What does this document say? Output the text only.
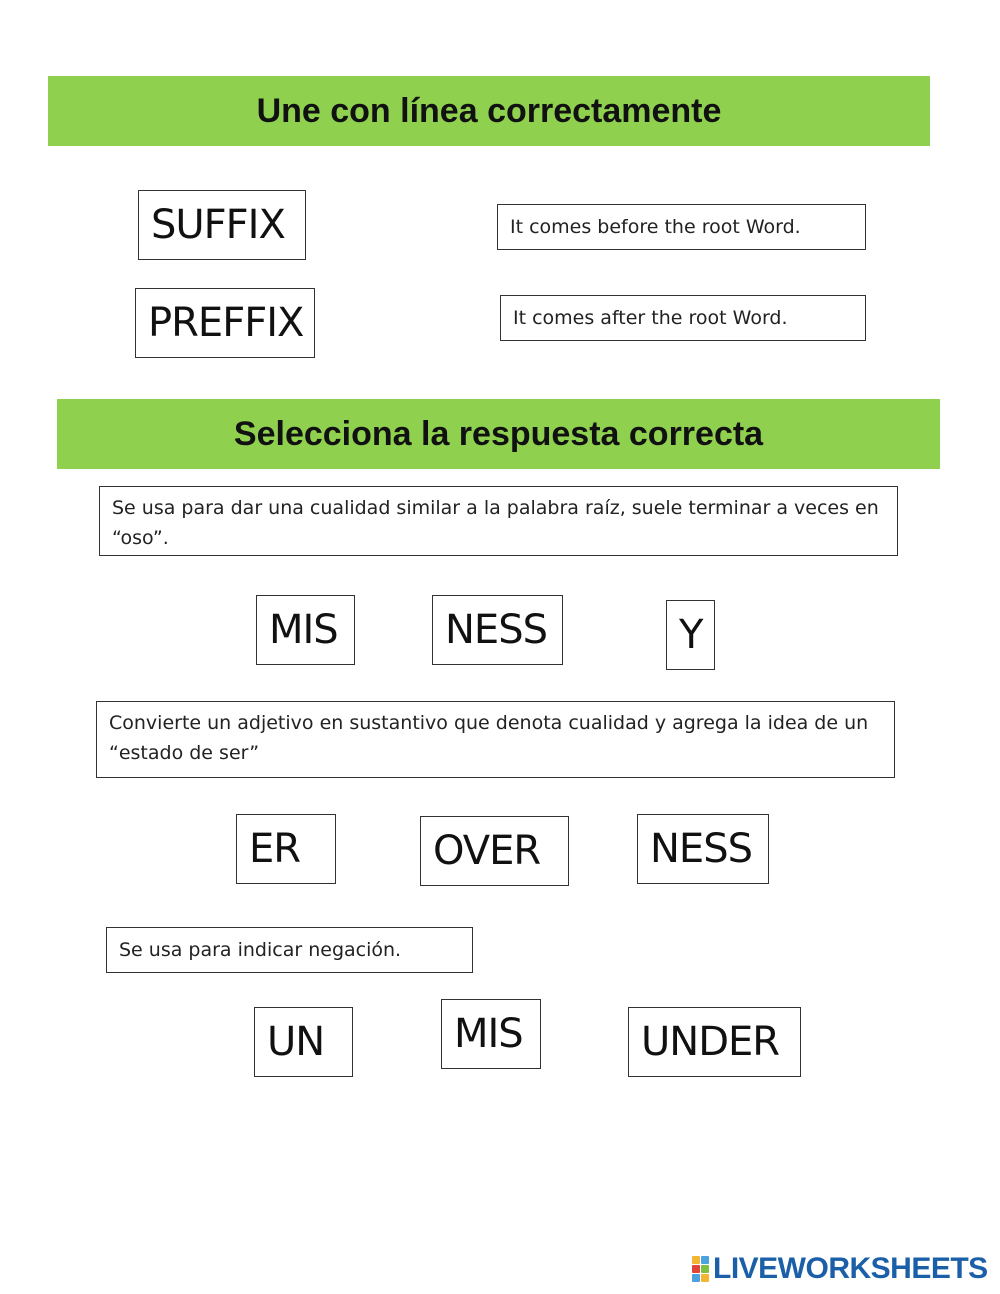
Une con línea correctamente
SUFFIX
PREFFIX
It comes before the root Word.
It comes after the root Word.
Selecciona la respuesta correcta
Se usa para dar una cualidad similar a la palabra raíz, suele terminar a veces en “oso”.
MIS	NESS	Y
Convierte un adjetivo en sustantivo que denota cualidad y agrega la idea de un “estado de ser”
ER	OVER	NESS
Se usa para indicar negación.
UN	MIS	UNDER
LIVEWORKSHEETS
